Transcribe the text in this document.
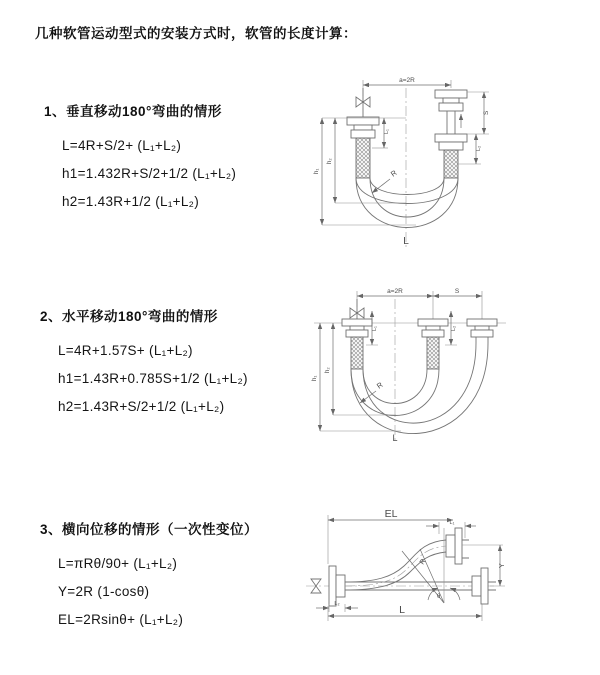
几种软管运动型式的安装方式时，软管的长度计算：
1、垂直移动180°弯曲的情形
L=4R+S/2+ (L₁+L₂)
h1=1.432R+S/2+1/2 (L₁+L₂)
h2=1.43R+1/2 (L₁+L₂)
2、水平移动180°弯曲的情形
L=4R+1.57S+ (L₁+L₂)
h1=1.43R+0.785S+1/2 (L₁+L₂)
h2=1.43R+S/2+1/2 (L₁+L₂)
3、横向位移的情形（一次性变位）
L=πRθ/90+ (L₁+L₂)
Y=2R (1-cosθ)
EL=2Rsinθ+ (L₁+L₂)
a=2R
h₁
h₂
L₁
S
L₂
R
L
a=2R	S
h₁
h₂
L₁	L₂
R
L
EL
L₁
Y
R
θ
L₂	L
